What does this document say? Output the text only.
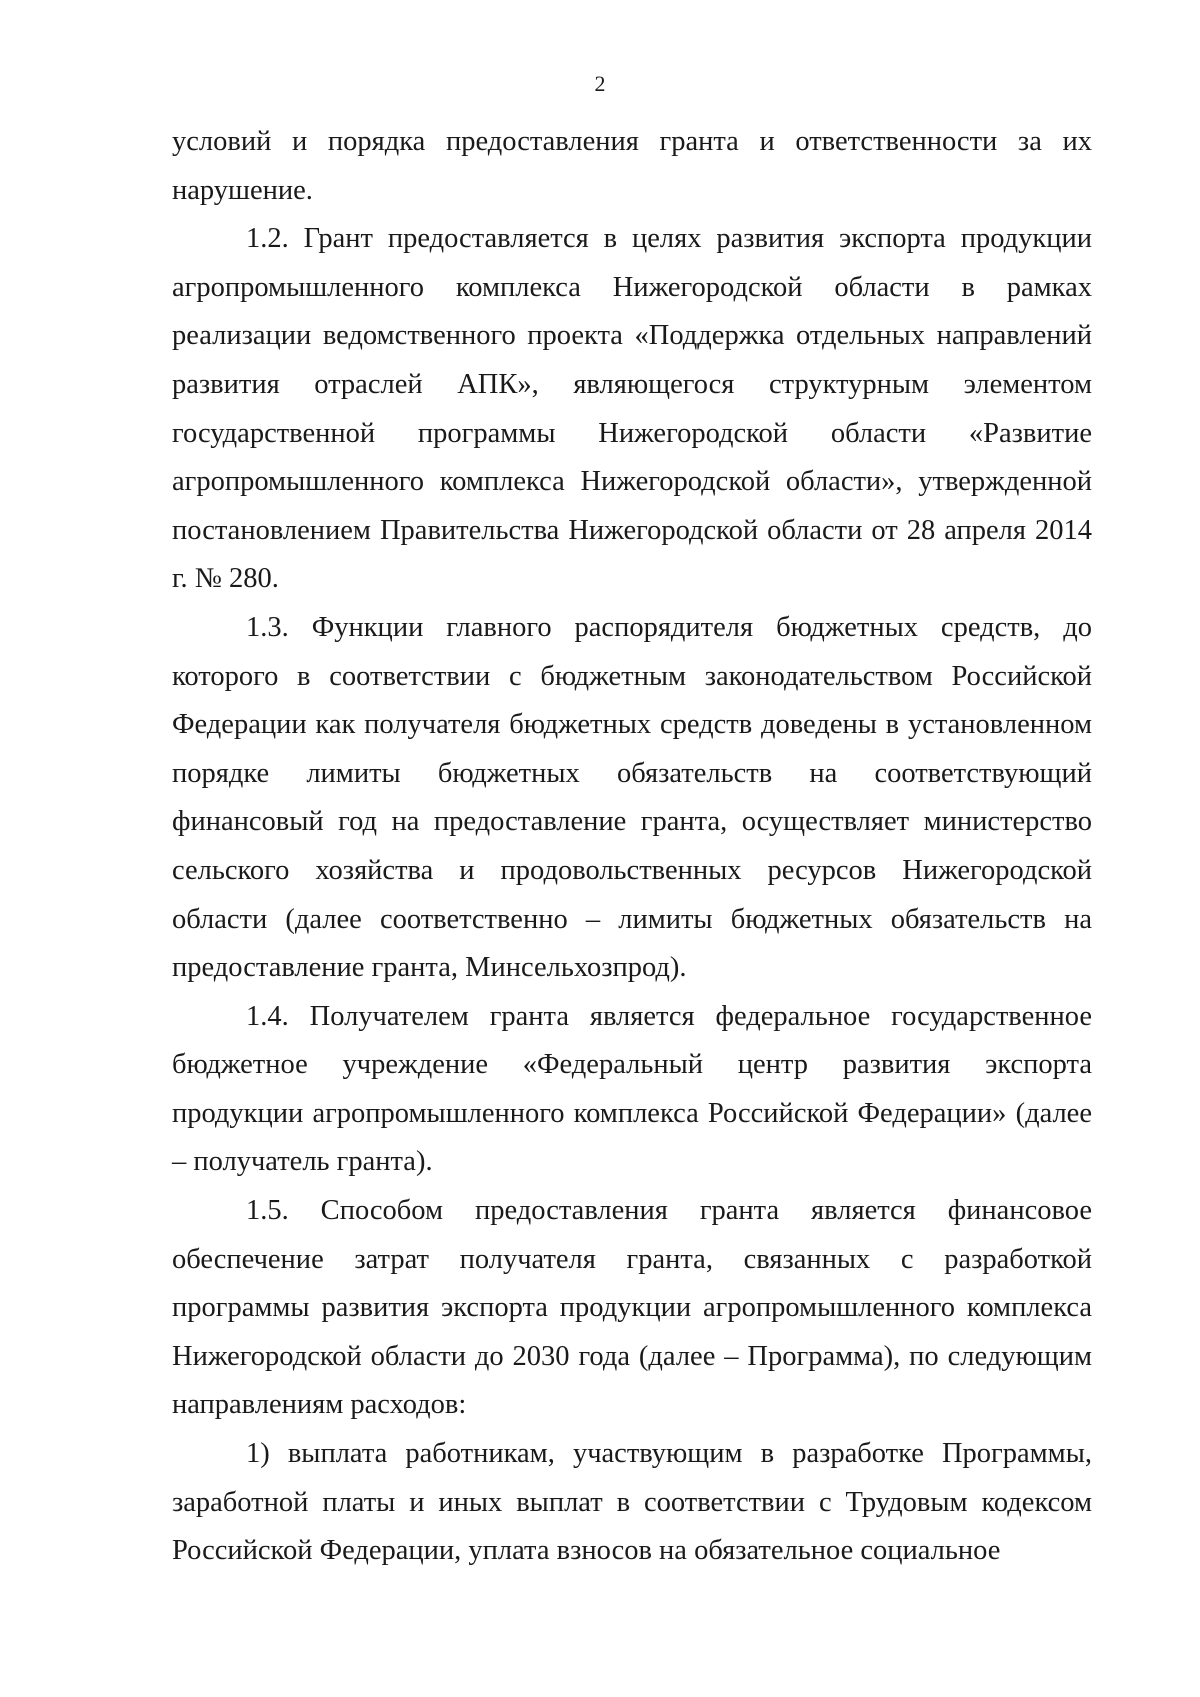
2

условий и порядка предоставления гранта и ответственности за их нарушение.

1.2. Грант предоставляется в целях развития экспорта продукции агропромышленного комплекса Нижегородской области в рамках реализации ведомственного проекта «Поддержка отдельных направлений развития отраслей АПК», являющегося структурным элементом государственной программы Нижегородской области «Развитие агропромышленного комплекса Нижегородской области», утвержденной постановлением Правительства Нижегородской области от 28 апреля 2014 г. № 280.

1.3. Функции главного распорядителя бюджетных средств, до которого в соответствии с бюджетным законодательством Российской Федерации как получателя бюджетных средств доведены в установленном порядке лимиты бюджетных обязательств на соответствующий финансовый год на предоставление гранта, осуществляет министерство сельского хозяйства и продовольственных ресурсов Нижегородской области (далее соответственно – лимиты бюджетных обязательств на предоставление гранта, Минсельхозпрод).

1.4. Получателем гранта является федеральное государственное бюджетное учреждение «Федеральный центр развития экспорта продукции агропромышленного комплекса Российской Федерации» (далее – получатель гранта).

1.5. Способом предоставления гранта является финансовое обеспечение затрат получателя гранта, связанных с разработкой программы развития экспорта продукции агропромышленного комплекса Нижегородской области до 2030 года (далее – Программа), по следующим направлениям расходов:

1) выплата работникам, участвующим в разработке Программы, заработной платы и иных выплат в соответствии с Трудовым кодексом Российской Федерации, уплата взносов на обязательное социальное
